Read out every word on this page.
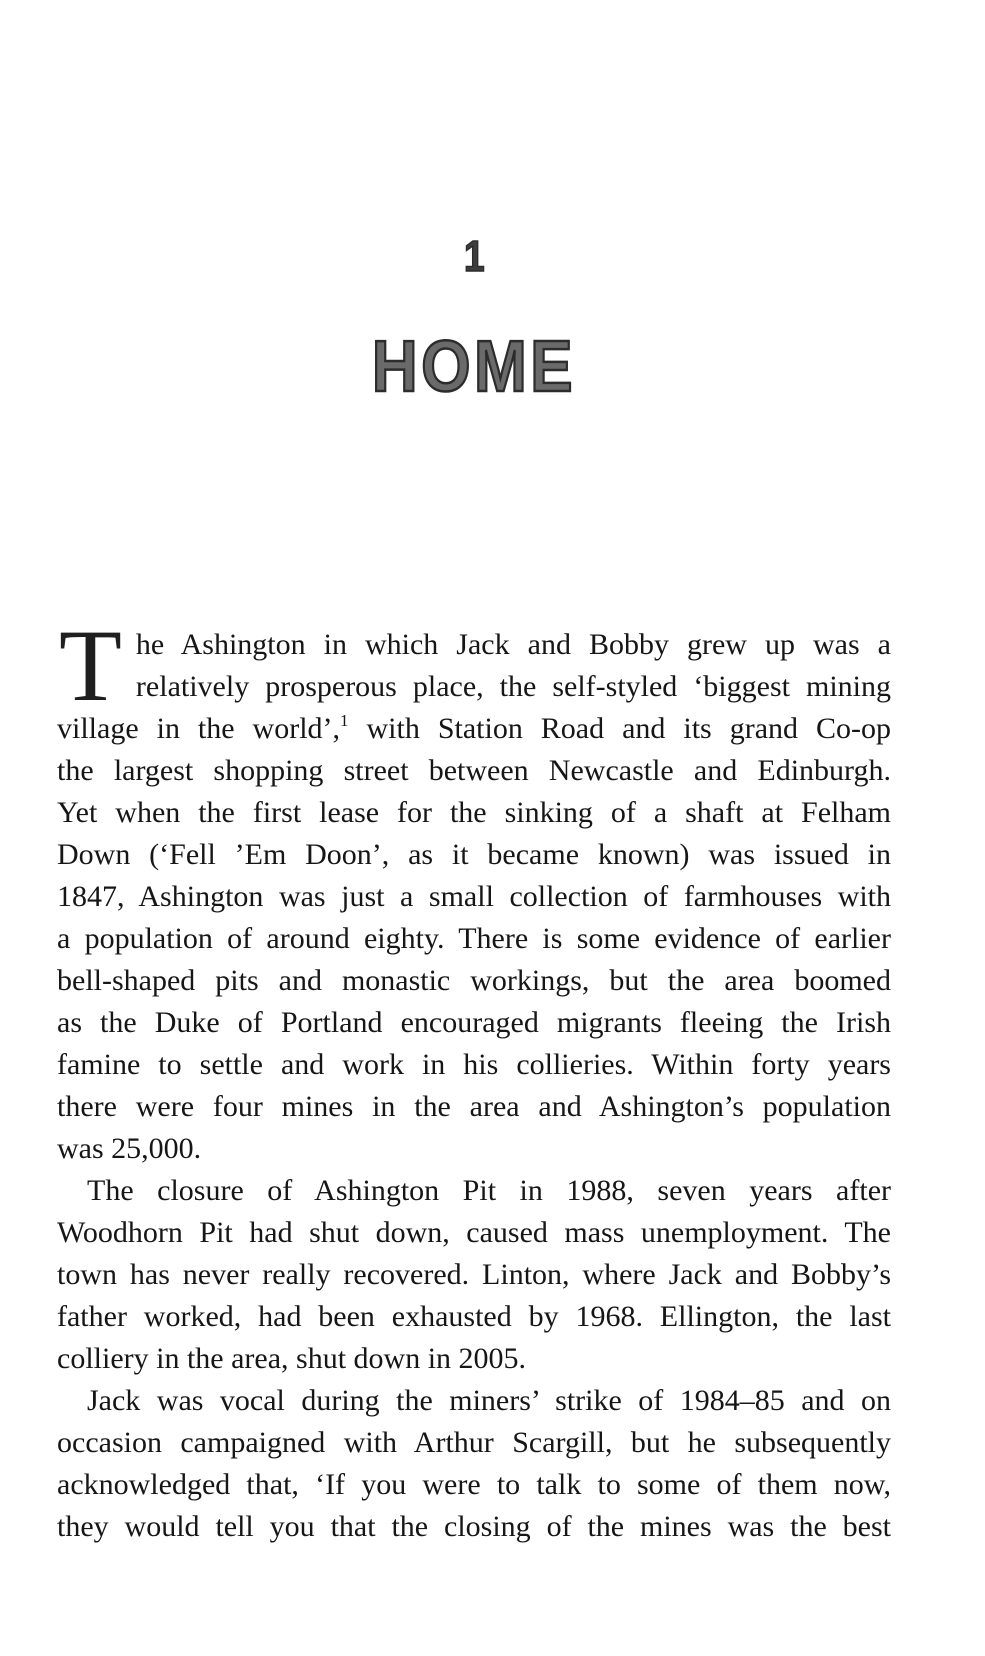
1
HOME
T he Ashington in which Jack and Bobby grew up was a
relatively prosperous place, the self-styled ‘biggest mining
village in the world’,$^1$ with Station Road and its grand Co-op
the largest shopping street between Newcastle and Edinburgh.
Yet when the first lease for the sinking of a shaft at Felham
Down (‘Fell ’Em Doon’, as it became known) was issued in
1847, Ashington was just a small collection of farmhouses with
a population of around eighty. There is some evidence of earlier
bell-shaped pits and monastic workings, but the area boomed
as the Duke of Portland encouraged migrants fleeing the Irish
famine to settle and work in his collieries. Within forty years
there were four mines in the area and Ashington’s population
was 25,000.
The closure of Ashington Pit in 1988, seven years after
Woodhorn Pit had shut down, caused mass unemployment. The
town has never really recovered. Linton, where Jack and Bobby’s
father worked, had been exhausted by 1968. Ellington, the last
colliery in the area, shut down in 2005.
Jack was vocal during the miners’ strike of 1984–85 and on
occasion campaigned with Arthur Scargill, but he subsequently
acknowledged that, ‘If you were to talk to some of them now,
they would tell you that the closing of the mines was the best
